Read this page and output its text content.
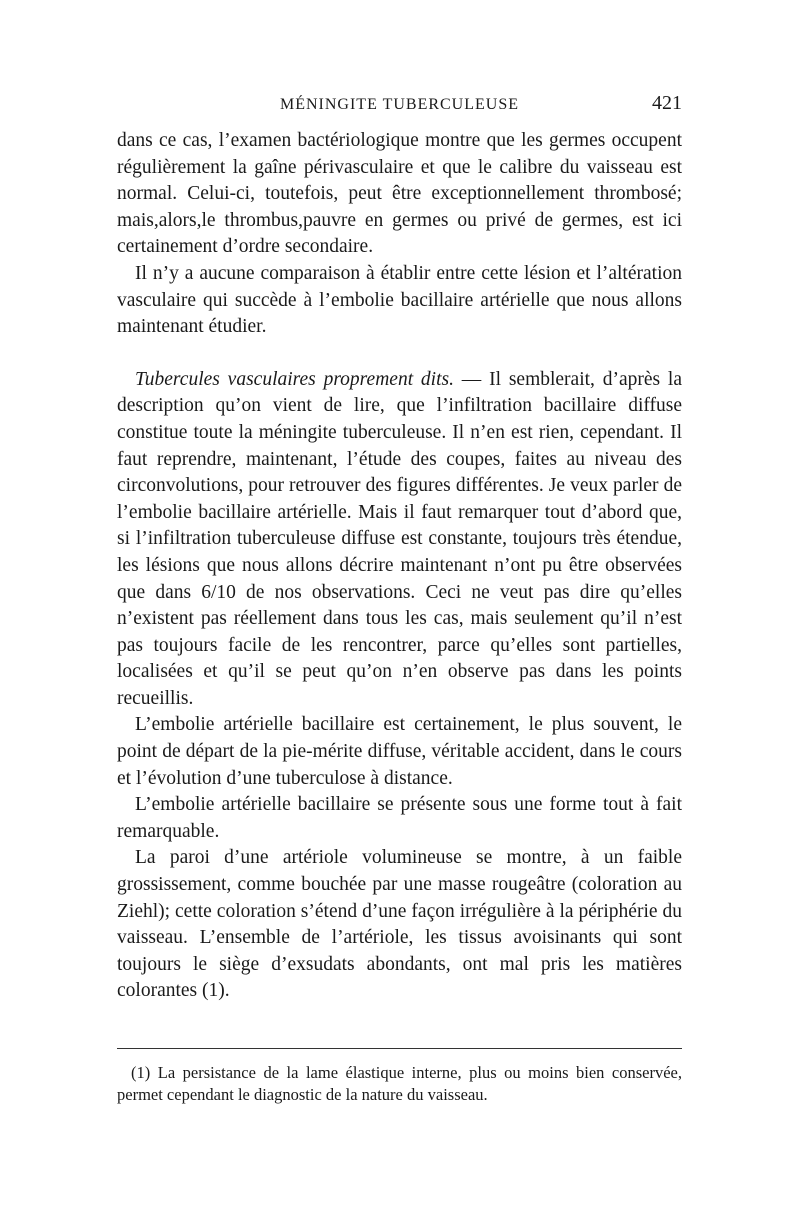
MÉNINGITE TUBERCULEUSE	421

dans ce cas, l’examen bactériologique montre que les germes occupent régulièrement la gaîne périvasculaire et que le calibre du vaisseau est normal. Celui-ci, toutefois, peut être exceptionnellement thrombosé; mais,alors,le thrombus,pauvre en germes ou privé de germes, est ici certainement d’ordre secondaire.

Il n’y a aucune comparaison à établir entre cette lésion et l’altération vasculaire qui succède à l’embolie bacillaire artérielle que nous allons maintenant étudier.

Tubercules vasculaires proprement dits. — Il semblerait, d’après la description qu’on vient de lire, que l’infiltration bacillaire diffuse constitue toute la méningite tuberculeuse. Il n’en est rien, cependant. Il faut reprendre, maintenant, l’étude des coupes, faites au niveau des circonvolutions, pour retrouver des figures différentes. Je veux parler de l’embolie bacillaire artérielle. Mais il faut remarquer tout d’abord que, si l’infiltration tuberculeuse diffuse est constante, toujours très étendue, les lésions que nous allons décrire maintenant n’ont pu être observées que dans 6/10 de nos observations. Ceci ne veut pas dire qu’elles n’existent pas réellement dans tous les cas, mais seulement qu’il n’est pas toujours facile de les rencontrer, parce qu’elles sont partielles, localisées et qu’il se peut qu’on n’en observe pas dans les points recueillis.

L’embolie artérielle bacillaire est certainement, le plus souvent, le point de départ de la pie-mérite diffuse, véritable accident, dans le cours et l’évolution d’une tuberculose à distance.

L’embolie artérielle bacillaire se présente sous une forme tout à fait remarquable.

La paroi d’une artériole volumineuse se montre, à un faible grossissement, comme bouchée par une masse rougeâtre (coloration au Ziehl); cette coloration s’étend d’une façon irrégulière à la périphérie du vaisseau. L’ensemble de l’artériole, les tissus avoisinants qui sont toujours le siège d’exsudats abondants, ont mal pris les matières colorantes (1).

(1) La persistance de la lame élastique interne, plus ou moins bien conservée, permet cependant le diagnostic de la nature du vaisseau.
